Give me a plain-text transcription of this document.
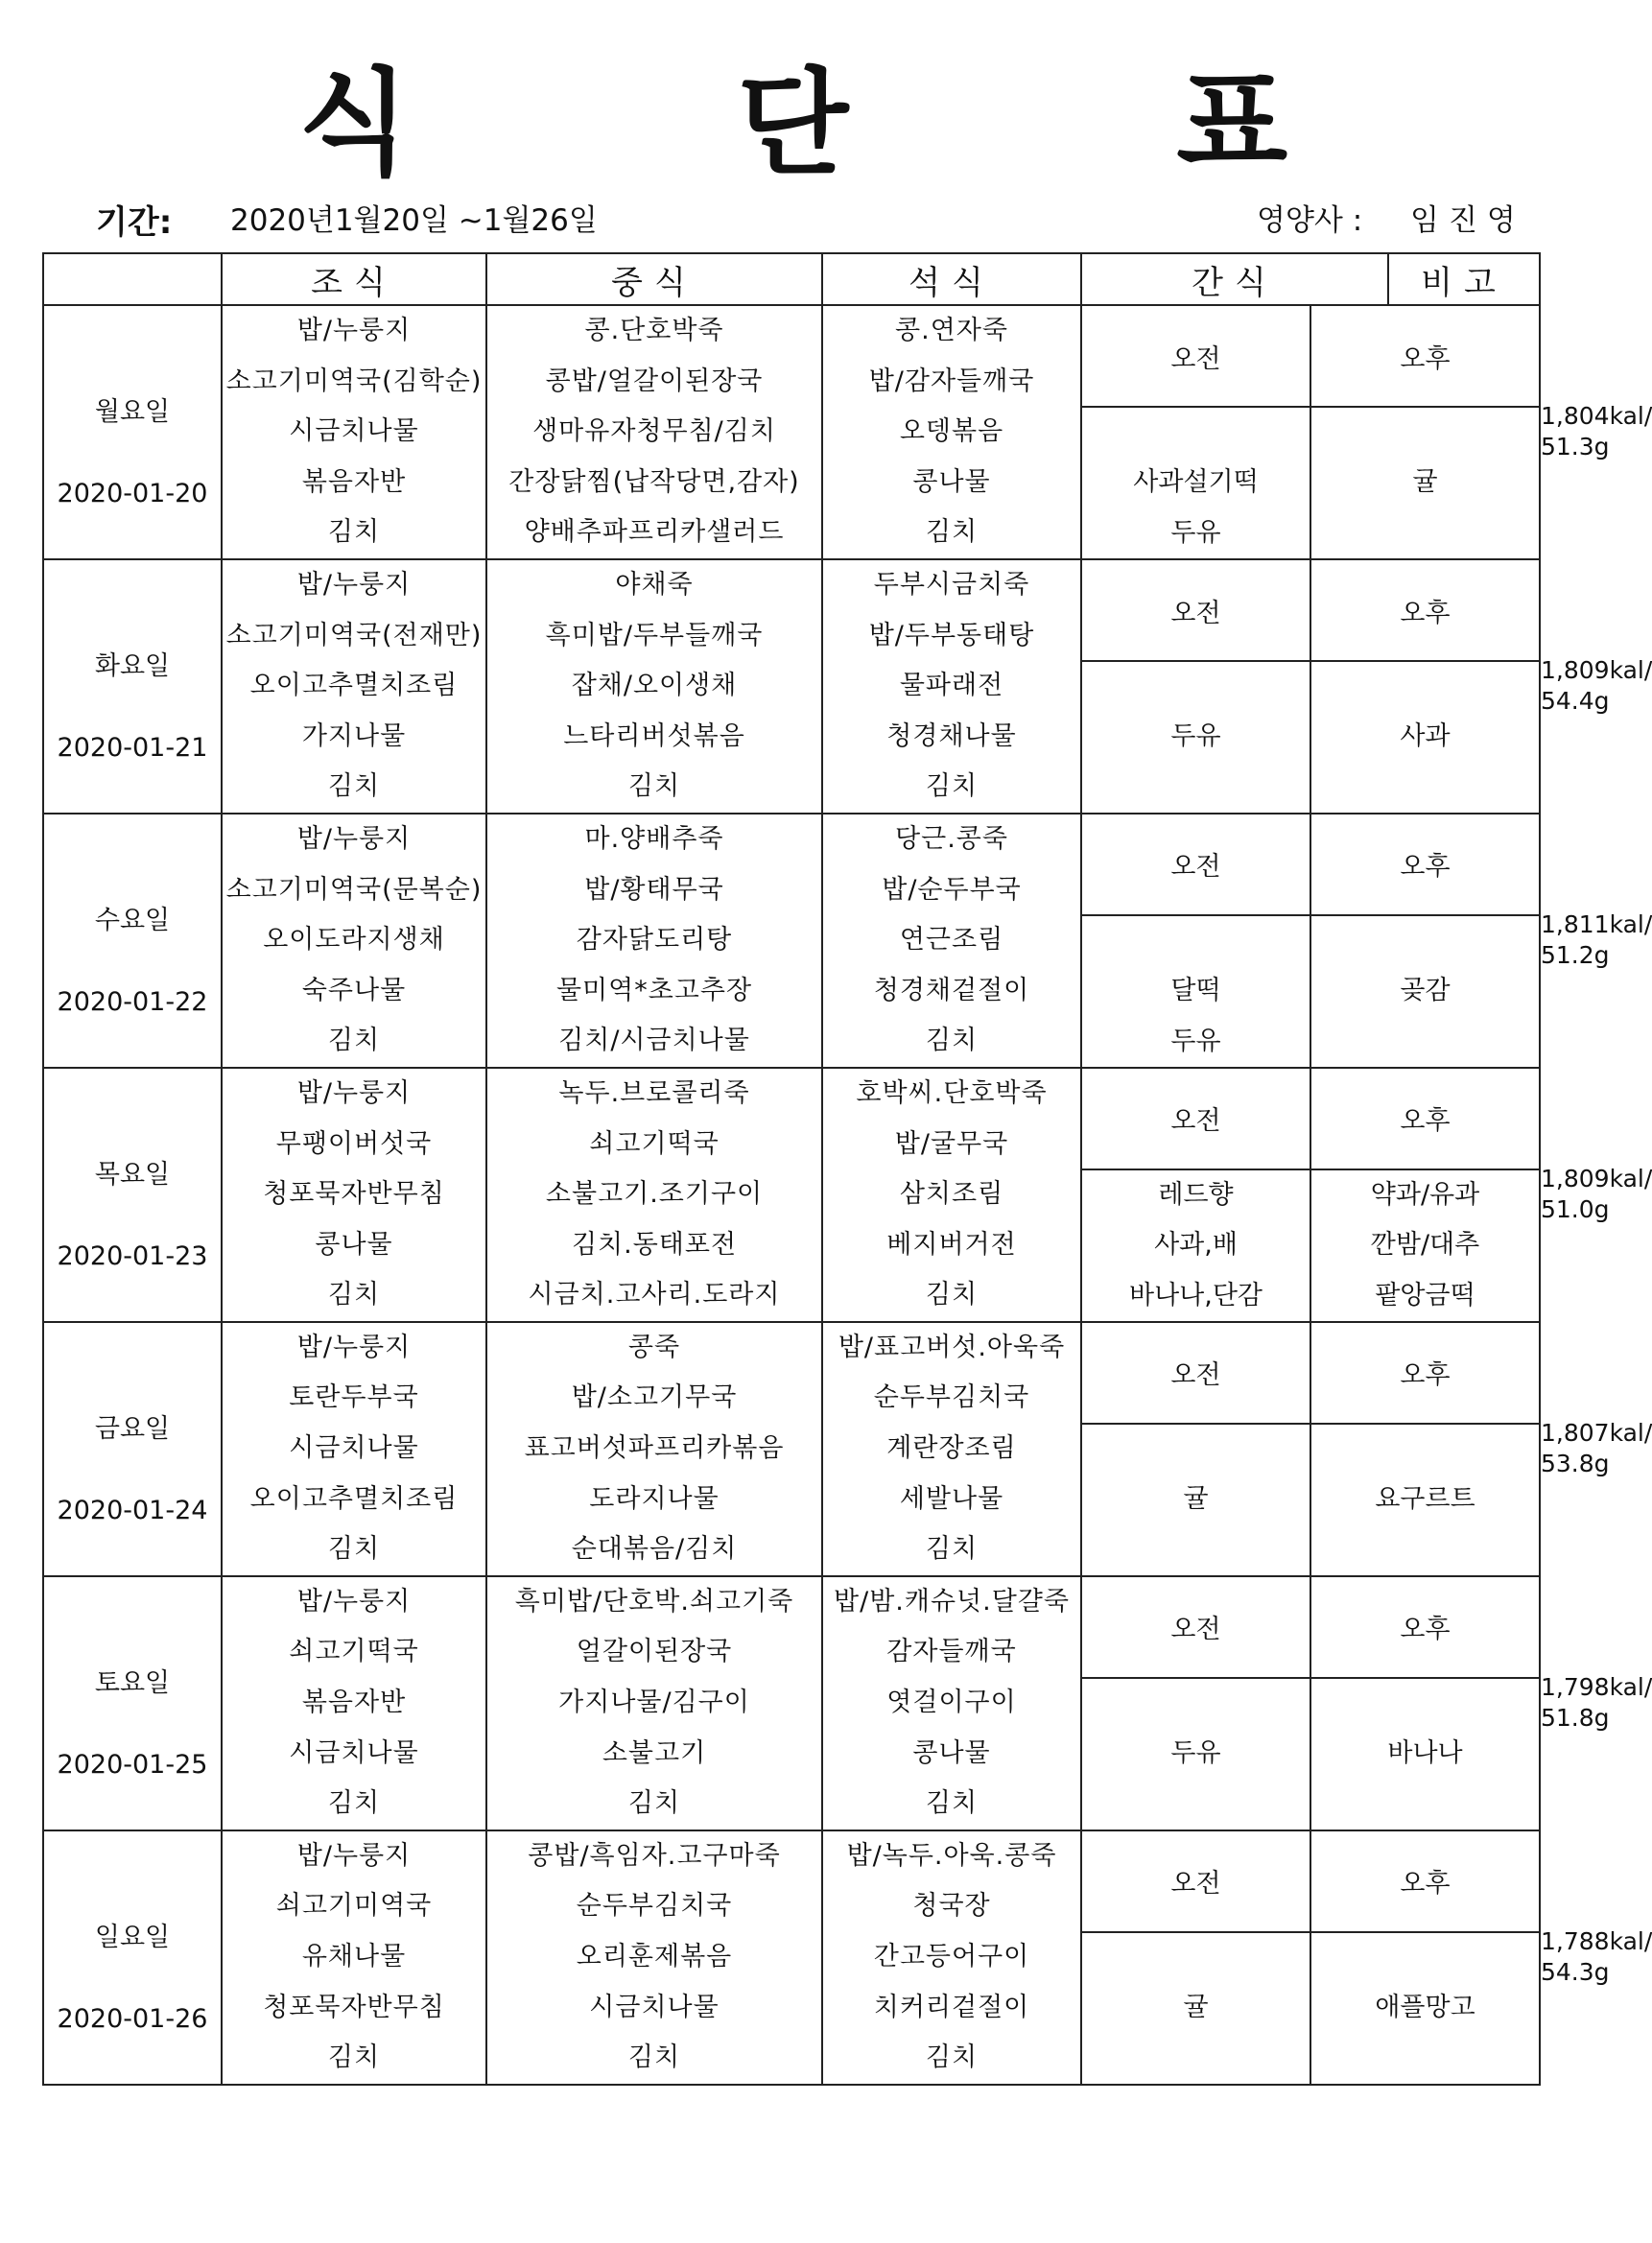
식 단 표
기간: 2020년1월20일 ~1월26일	영양사 : 임진영
	조식	중식	석식	간식	비고

월요일
2020-01-20

밥/누룽지
소고기미역국(김학순)
시금치나물
볶음자반
김치

콩.단호박죽
콩밥/얼갈이된장국
생마유자청무침/김치
간장닭찜(납작당면,감자)
양배추파프리카샐러드

콩.연자죽
밥/감자들깨국
오뎅볶음
콩나물
김치

오전	오후

사과설기떡
두유

귤

1,804kal/
51.3g

화요일
2020-01-21

밥/누룽지
소고기미역국(전재만)
오이고추멸치조림
가지나물
김치

야채죽
흑미밥/두부들깨국
잡채/오이생채
느타리버섯볶음
김치

두부시금치죽
밥/두부동태탕
물파래전
청경채나물
김치

오전	오후

두유	사과

1,809kal/
54.4g

수요일
2020-01-22

밥/누룽지
소고기미역국(문복순)
오이도라지생채
숙주나물
김치

마.양배추죽
밥/황태무국
감자닭도리탕
물미역*초고추장
김치/시금치나물

당근.콩죽
밥/순두부국
연근조림
청경채겉절이
김치

오전	오후

달떡
두유

곶감

1,811kal/
51.2g

목요일
2020-01-23

밥/누룽지
무팽이버섯국
청포묵자반무침
콩나물
김치

녹두.브로콜리죽
쇠고기떡국
소불고기.조기구이
김치.동태포전
시금치.고사리.도라지

호박씨.단호박죽
밥/굴무국
삼치조림
베지버거전
김치

오전	오후

레드향
사과,배
바나나,단감

약과/유과
깐밤/대추
팥앙금떡

1,809kal/
51.0g

금요일
2020-01-24

밥/누룽지
토란두부국
시금치나물
오이고추멸치조림
김치

콩죽
밥/소고기무국
표고버섯파프리카볶음
도라지나물
순대볶음/김치

밥/표고버섯.아욱죽
순두부김치국
계란장조림
세발나물
김치

오전	오후

귤	요구르트

1,807kal/
53.8g

토요일
2020-01-25

밥/누룽지
쇠고기떡국
볶음자반
시금치나물
김치

흑미밥/단호박.쇠고기죽
얼갈이된장국
가지나물/김구이
소불고기
김치

밥/밤.캐슈넛.달걀죽
감자들깨국
엿걸이구이
콩나물
김치

오전	오후

두유	바나나

1,798kal/
51.8g

일요일
2020-01-26

밥/누룽지
쇠고기미역국
유채나물
청포묵자반무침
김치

콩밥/흑임자.고구마죽
순두부김치국
오리훈제볶음
시금치나물
김치

밥/녹두.아욱.콩죽
청국장
간고등어구이
치커리겉절이
김치

오전	오후

귤	애플망고

1,788kal/
54.3g
